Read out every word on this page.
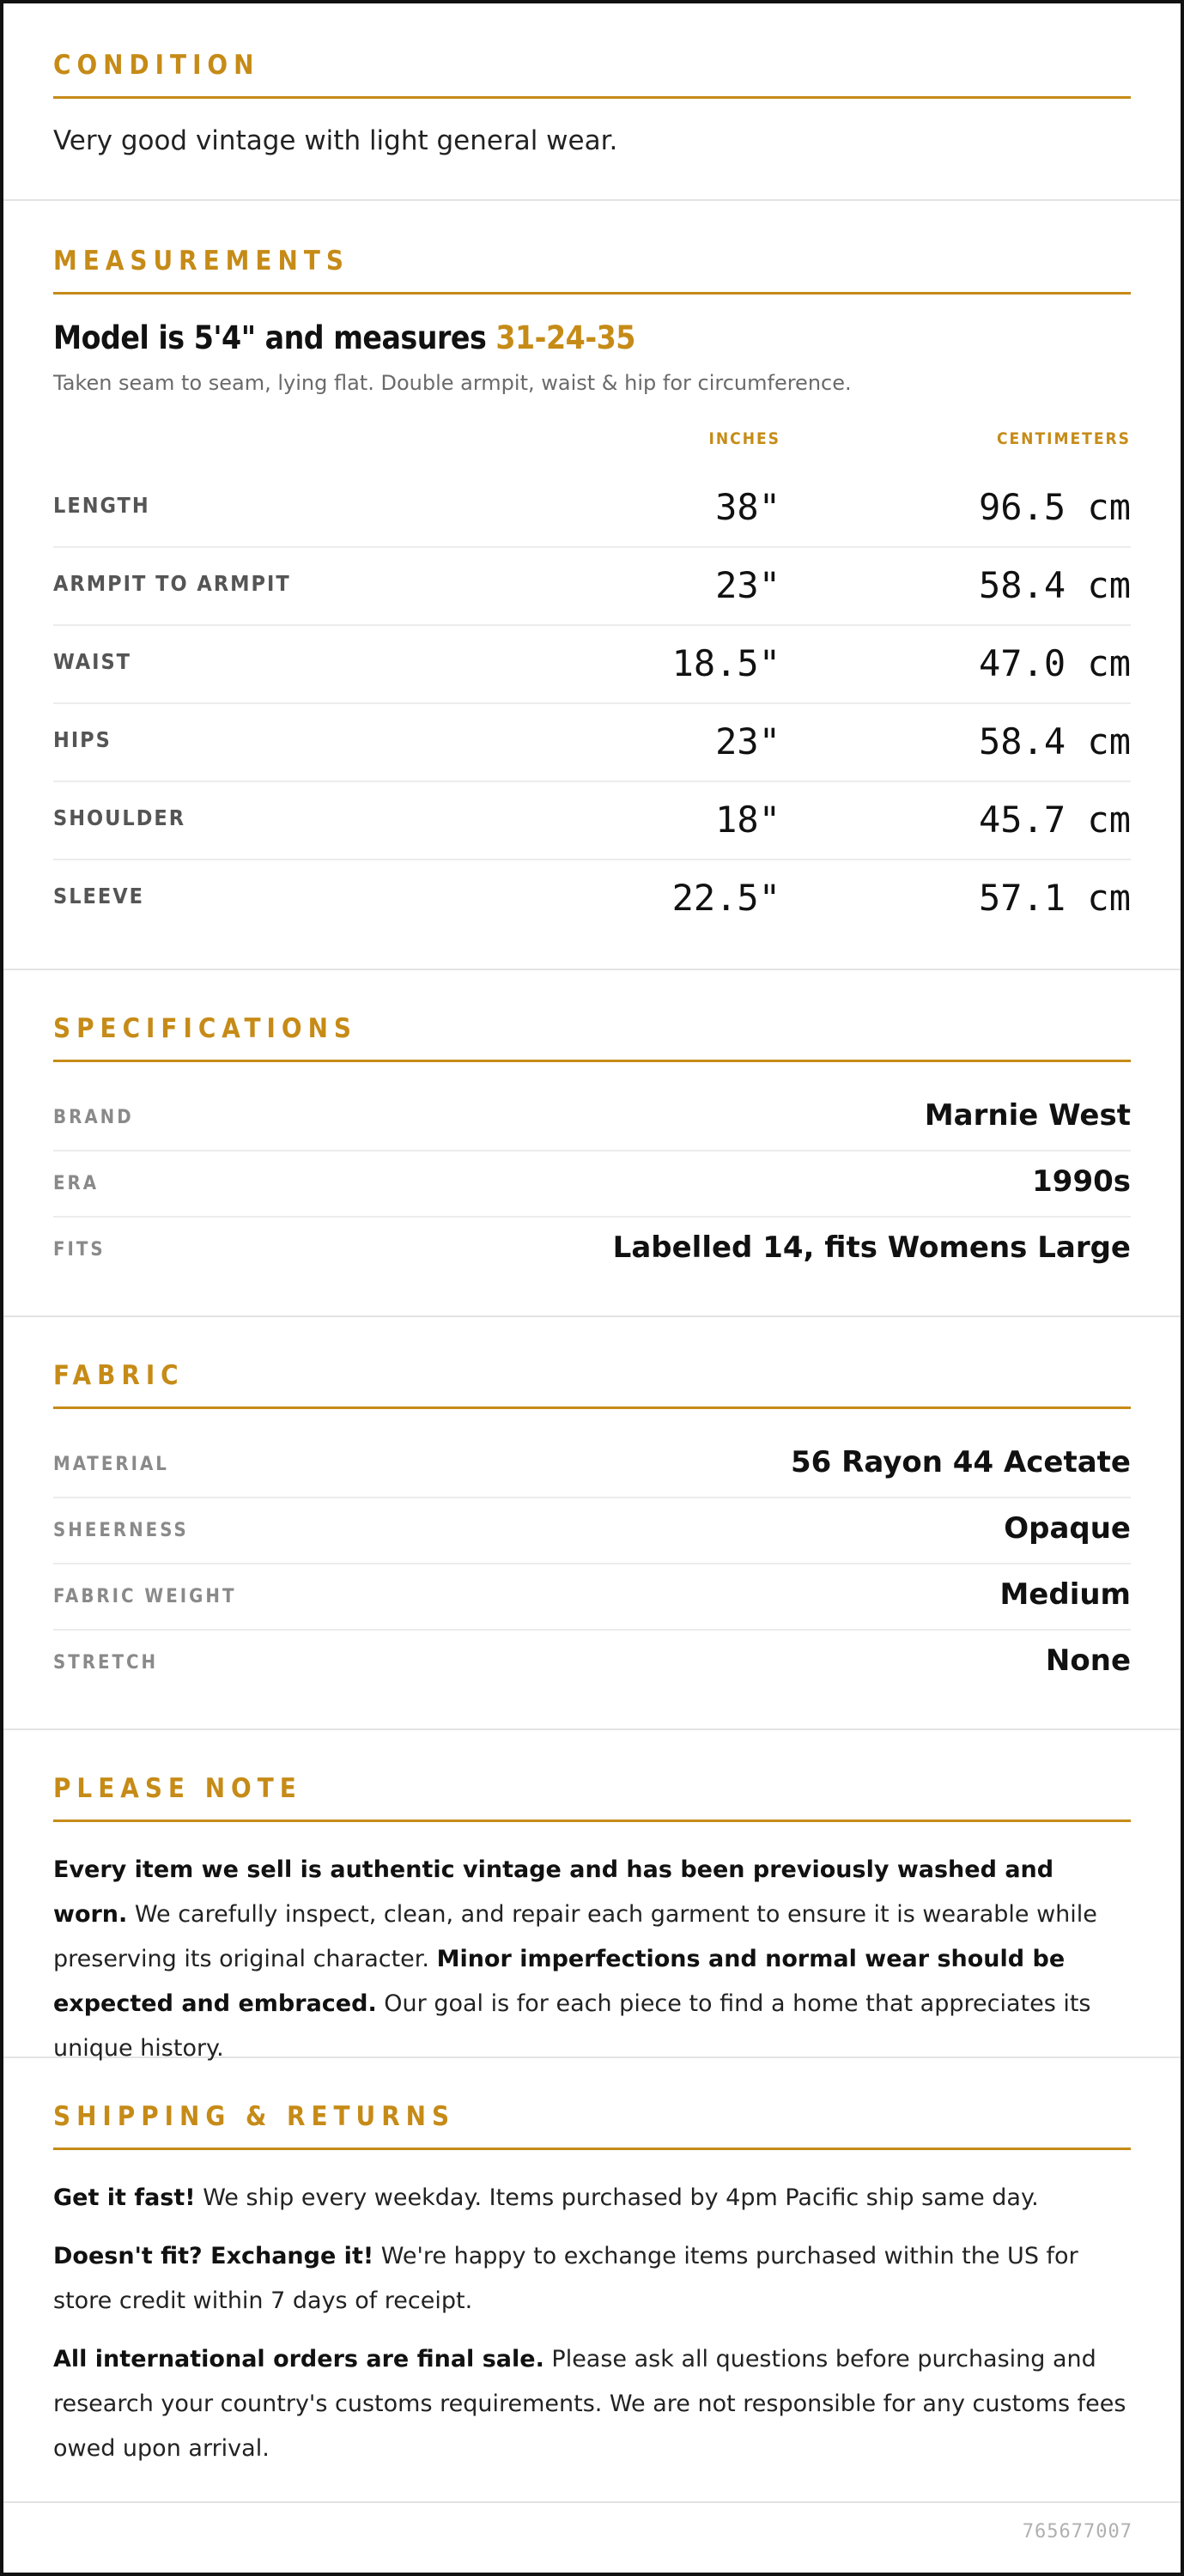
CONDITION
Very good vintage with light general wear.
MEASUREMENTS
Model is 5'4" and measures 31-24-35
Taken seam to seam, lying flat. Double armpit, waist & hip for circumference.
INCHES	CENTIMETERS
LENGTH	38"	96.5 cm
ARMPIT TO ARMPIT	23"	58.4 cm
WAIST	18.5"	47.0 cm
HIPS	23"	58.4 cm
SHOULDER	18"	45.7 cm
SLEEVE	22.5"	57.1 cm
SPECIFICATIONS
BRAND	Marnie West
ERA	1990s
FITS	Labelled 14, fits Womens Large
FABRIC
MATERIAL	56 Rayon 44 Acetate
SHEERNESS	Opaque
FABRIC WEIGHT	Medium
STRETCH	None
PLEASE NOTE
Every item we sell is authentic vintage and has been previously washed and worn. We carefully inspect, clean, and repair each garment to ensure it is wearable while preserving its original character. Minor imperfections and normal wear should be expected and embraced. Our goal is for each piece to find a home that appreciates its unique history.
SHIPPING & RETURNS
Get it fast! We ship every weekday. Items purchased by 4pm Pacific ship same day.
Doesn't fit? Exchange it! We're happy to exchange items purchased within the US for store credit within 7 days of receipt.
All international orders are final sale. Please ask all questions before purchasing and research your country's customs requirements. We are not responsible for any customs fees owed upon arrival.
765677007
